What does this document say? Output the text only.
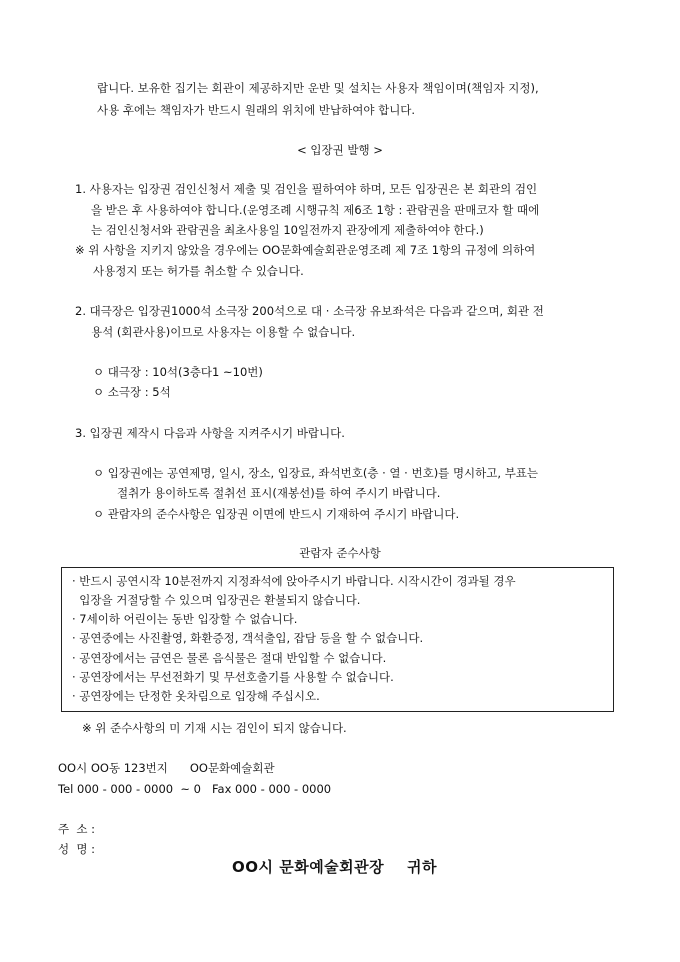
랍니다. 보유한 집기는 회관이 제공하지만 운반 및 설치는 사용자 책임이며(책임자 지정),
사용 후에는 책임자가 반드시 원래의 위치에 반납하여야 합니다.
< 입장권 발행 >
1. 사용자는 입장권 검인신청서 제출 및 검인을 필하여야 하며, 모든 입장권은 본 회관의 검인
을 받은 후 사용하여야 합니다.(운영조례 시행규칙 제6조 1항 : 관람권을 판매코자 할 때에
는 검인신청서와 관람권을 최초사용일 10일전까지 관장에게 제출하여야 한다.)
※ 위 사항을 지키지 않았을 경우에는 OO문화예술회관운영조례 제 7조 1항의 규정에 의하여
사용정지 또는 허가를 취소할 수 있습니다.
2. 대극장은 입장권1000석 소극장 200석으로 대 · 소극장 유보좌석은 다음과 같으며, 회관 전
용석 (회관사용)이므로 사용자는 이용할 수 없습니다.
ㅇ 대극장 : 10석(3층다1 ~10번)
ㅇ 소극장 : 5석
3. 입장권 제작시 다음과 사항을 지켜주시기 바랍니다.
ㅇ 입장권에는 공연제명, 일시, 장소, 입장료, 좌석번호(층 · 열 · 번호)를 명시하고, 부표는
절취가 용이하도록 절취선 표시(재봉선)를 하여 주시기 바랍니다.
ㅇ 관람자의 준수사항은 입장권 이면에 반드시 기재하여 주시기 바랍니다.
관람자 준수사항
· 반드시 공연시작 10분전까지 지정좌석에 앉아주시기 바랍니다. 시작시간이 경과될 경우
입장을 거절당할 수 있으며 입장권은 환불되지 않습니다.
· 7세이하 어린이는 동반 입장할 수 없습니다.
· 공연중에는 사진촬영, 화환증정, 객석출입, 잡담 등을 할 수 없습니다.
· 공연장에서는 금연은 물론 음식물은 절대 반입할 수 없습니다.
· 공연장에서는 무선전화기 및 무선호출기를 사용할 수 없습니다.
· 공연장에는 단정한 옷차림으로 입장해 주십시오.
※ 위 준수사항의 미 기재 시는 검인이 되지 않습니다.
OO시 OO동 123번지      OO문화예술회관
Tel 000 - 000 - 0000  ~ 0   Fax 000 - 000 - 0000
주  소 :
성  명 :
OO시 문화예술회관장    귀하
